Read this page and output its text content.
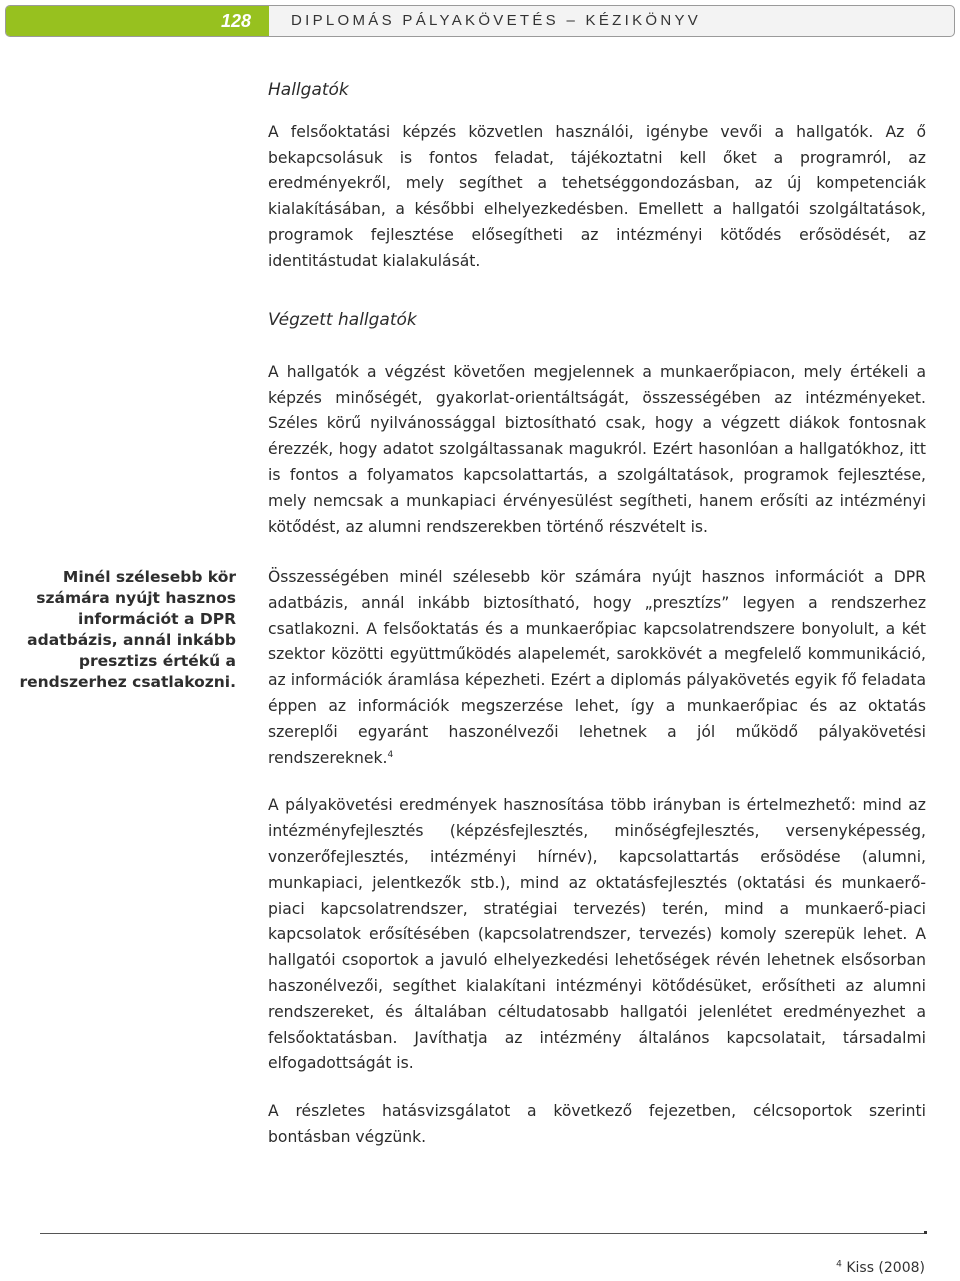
128	DIPLOMÁS PÁLYAKÖVETÉS – KÉZIKÖNYV
Hallgatók

A felsőoktatási képzés közvetlen használói, igénybe vevői a hallgatók. Az ő bekapcsolásuk is fontos feladat, tájékoztatni kell őket a programról, az eredményekről, mely segíthet a tehetséggondozásban, az új kompetenciák kialakításában, a későbbi elhelyezkedésben. Emellett a hallgatói szolgáltatások, programok fejlesztése elősegítheti az intézményi kötődés erősödését, az identitástudat kialakulását.

Végzett hallgatók

A hallgatók a végzést követően megjelennek a munkaerőpiacon, mely értékeli a képzés minőségét, gyakorlat-orientáltságát, összességében az intézményeket. Széles körű nyilvánossággal biztosítható csak, hogy a végzett diákok fontosnak érezzék, hogy adatot szolgáltassanak magukról. Ezért hasonlóan a hallgatókhoz, itt is fontos a folyamatos kapcsolattartás, a szolgáltatások, programok fejlesztése, mely nemcsak a munkapiaci érvényesülést segítheti, hanem erősíti az intézményi kötődést, az alumni rendszerekben történő részvételt is.

Összességében minél szélesebb kör számára nyújt hasznos információt a DPR adatbázis, annál inkább biztosítható, hogy „presztízs” legyen a rendszerhez csatlakozni. A felsőoktatás és a munkaerőpiac kapcsolatrendszere bonyolult, a két szektor közötti együttműködés alapelemét, sarokkövét a megfelelő kommunikáció, az információk áramlása képezheti. Ezért a diplomás pályakövetés egyik fő feladata éppen az információk megszerzése lehet, így a munkaerőpiac és az oktatás szereplői egyaránt haszonélvezői lehetnek a jól működő pályakövetési rendszereknek.$^4$

A pályakövetési eredmények hasznosítása több irányban is értelmezhető: mind az intézményfejlesztés (képzésfejlesztés, minőségfejlesztés, versenyképesség, vonzerőfejlesztés, intézményi hírnév), kapcsolattartás erősödése (alumni, munkapiaci, jelentkezők stb.), mind az oktatásfejlesztés (oktatási és munkaerő-piaci kapcsolatrendszer, stratégiai tervezés) terén, mind a munkaerő-piaci kapcsolatok erősítésében (kapcsolatrendszer, tervezés) komoly szerepük lehet. A hallgatói csoportok a javuló elhelyezkedési lehetőségek révén lehetnek elsősorban haszonélvezői, segíthet kialakítani intézményi kötődésüket, erősítheti az alumni rendszereket, és általában céltudatosabb hallgatói jelenlétet eredményezhet a felsőoktatásban. Javíthatja az intézmény általános kapcsolatait, társadalmi elfogadottságát is.

A részletes hatásvizsgálatot a következő fejezetben, célcsoportok szerinti bontásban végzünk.

Minél szélesebb kör számára nyújt hasznos információt a DPR adatbázis, annál inkább presztizs értékű a rendszerhez csatlakozni.
$^4$ Kiss (2008)
